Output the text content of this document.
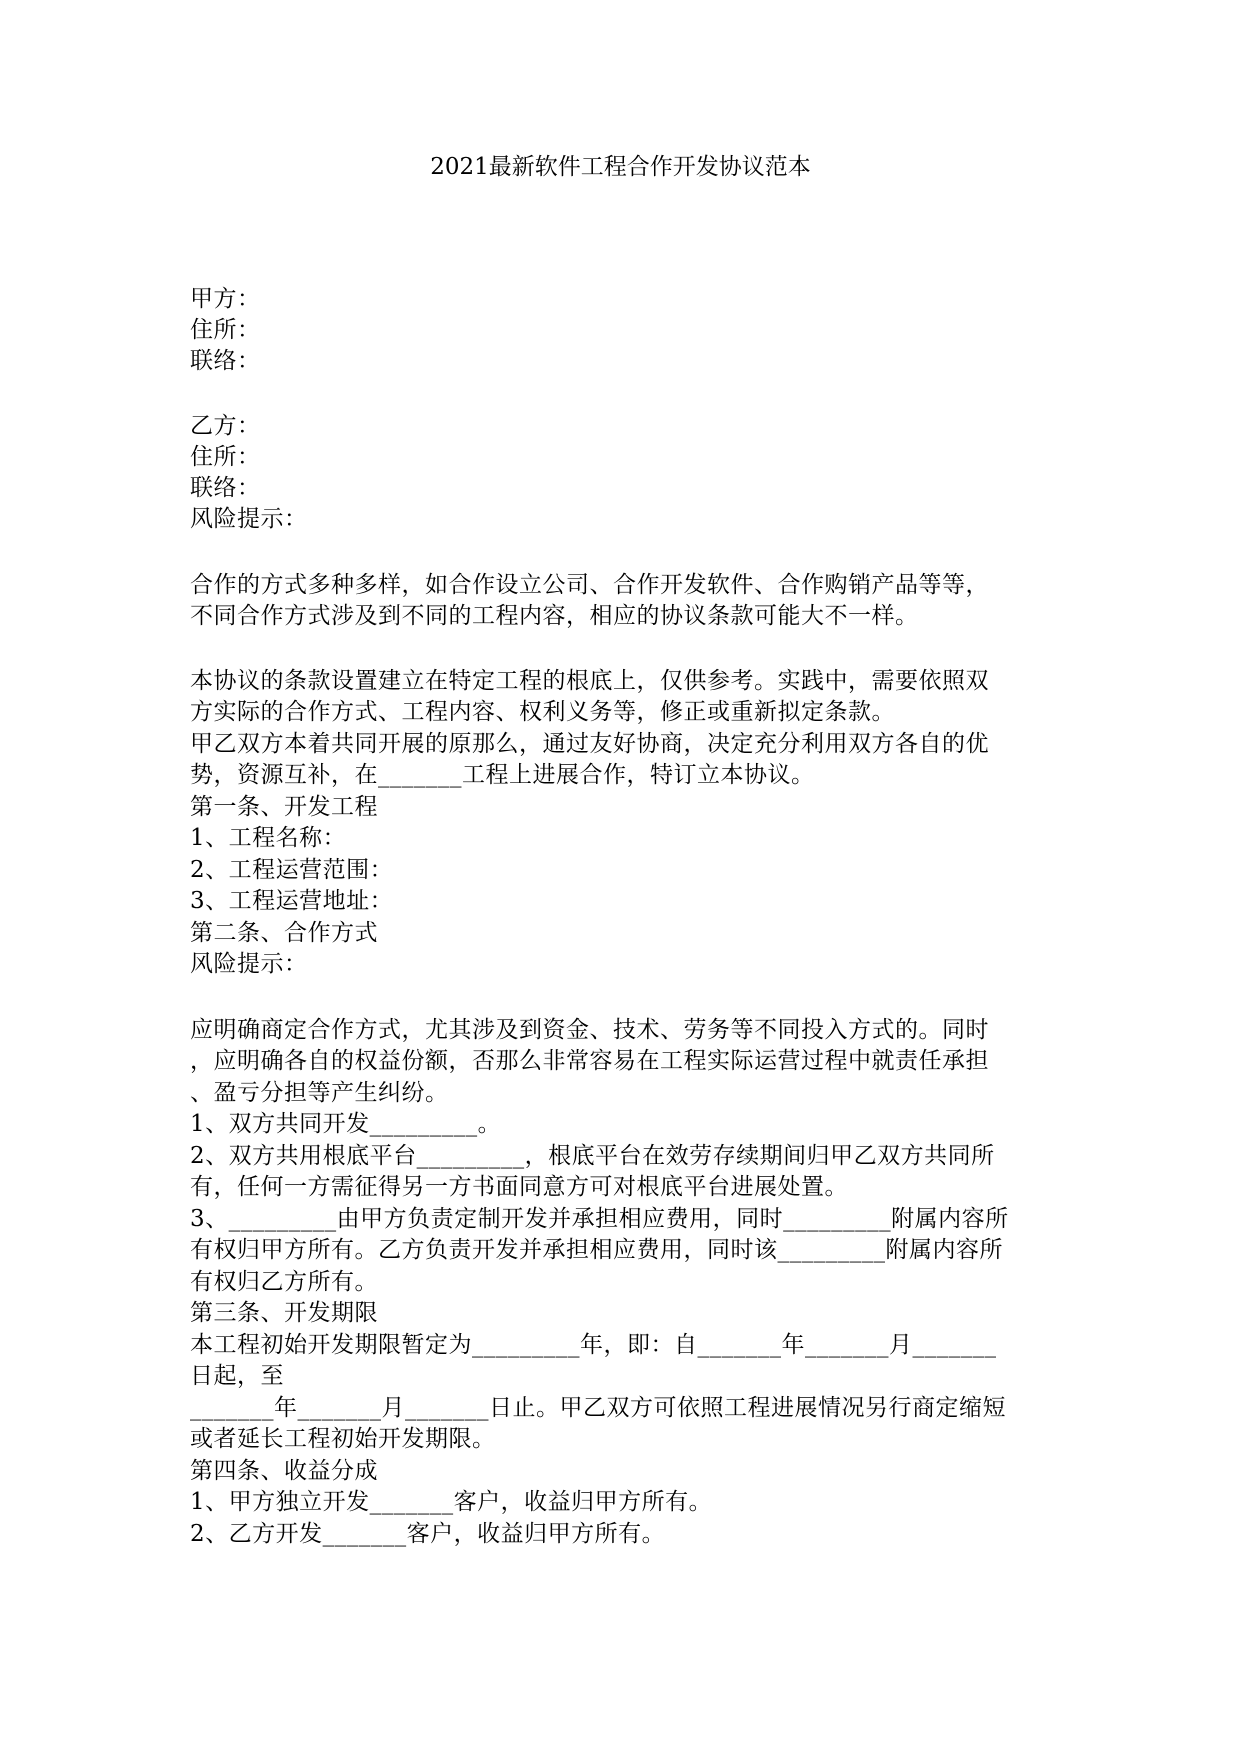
2021最新软件工程合作开发协议范本
甲方：
住所：
联络：
乙方：
住所：
联络：
风险提示：
合作的方式多种多样，如合作设立公司、合作开发软件、合作购销产品等等，
不同合作方式涉及到不同的工程内容，相应的协议条款可能大不一样。
本协议的条款设置建立在特定工程的根底上，仅供参考。实践中，需要依照双
方实际的合作方式、工程内容、权利义务等，修正或重新拟定条款。
甲乙双方本着共同开展的原那么，通过友好协商，决定充分利用双方各自的优
势，资源互补，在_______工程上进展合作，特订立本协议。
第一条、开发工程
1、工程名称：
2、工程运营范围：
3、工程运营地址：
第二条、合作方式
风险提示：
应明确商定合作方式，尤其涉及到资金、技术、劳务等不同投入方式的。同时
，应明确各自的权益份额，否那么非常容易在工程实际运营过程中就责任承担
、盈亏分担等产生纠纷。
1、双方共同开发_________。
2、双方共用根底平台_________，根底平台在效劳存续期间归甲乙双方共同所
有，任何一方需征得另一方书面同意方可对根底平台进展处置。
3、_________由甲方负责定制开发并承担相应费用，同时_________附属内容所
有权归甲方所有。乙方负责开发并承担相应费用，同时该_________附属内容所
有权归乙方所有。
第三条、开发期限
本工程初始开发期限暂定为_________年，即：自_______年_______月_______
日起，至
_______年_______月_______日止。甲乙双方可依照工程进展情况另行商定缩短
或者延长工程初始开发期限。
第四条、收益分成
1、甲方独立开发_______客户，收益归甲方所有。
2、乙方开发_______客户，收益归甲方所有。
